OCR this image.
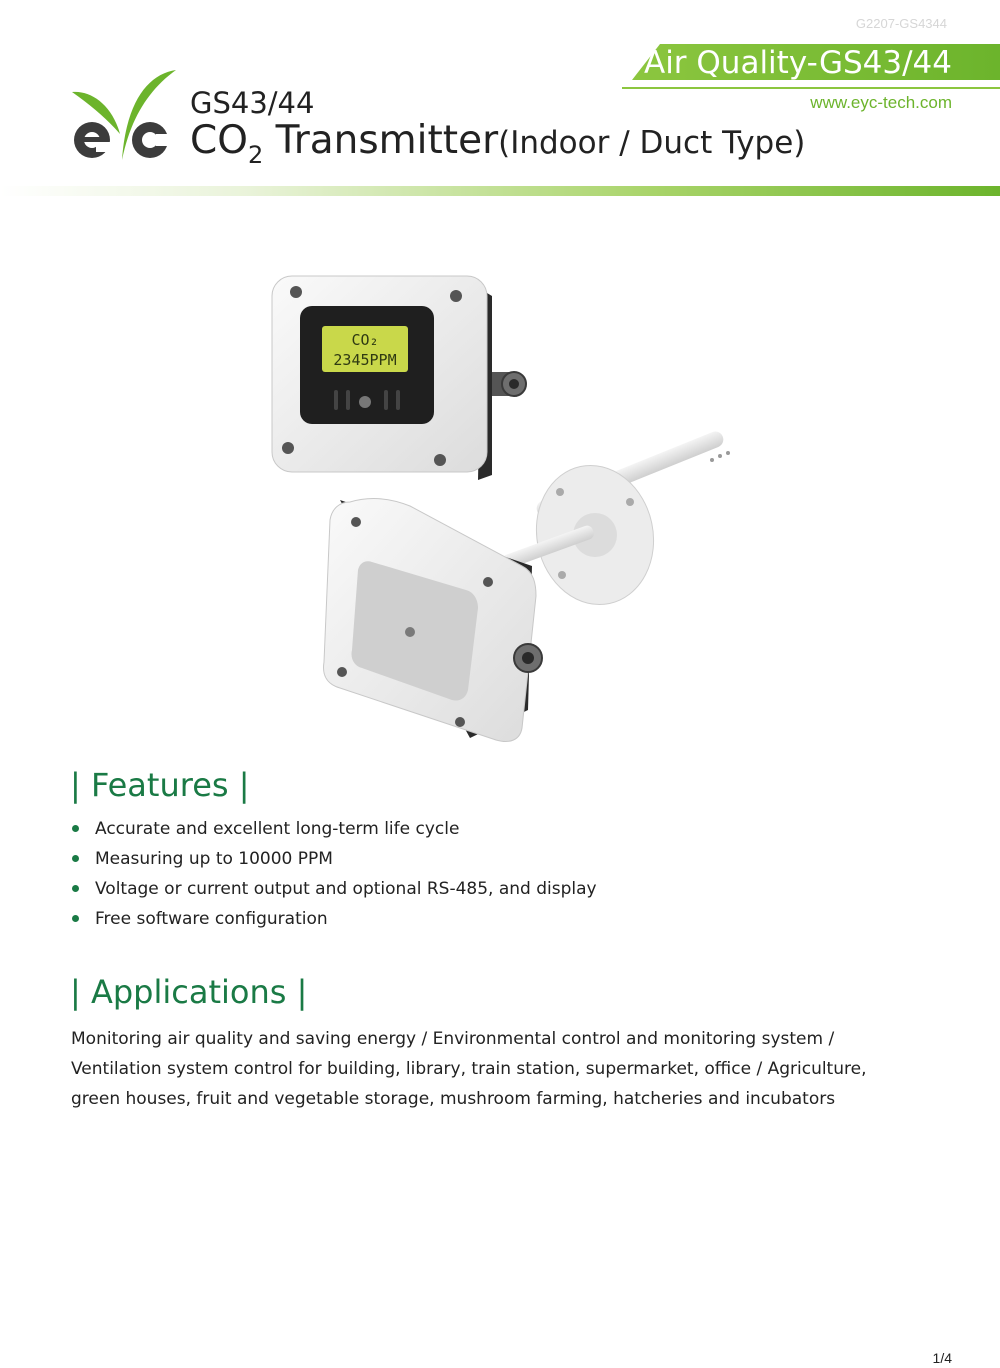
G2207-GS4344
Air Quality-GS43/44
www.eyc-tech.com
eyc
GS43/44
CO2 Transmitter(Indoor / Duct Type)
CO₂
2345PPM
| Features |
Accurate and excellent long-term life cycle
Measuring up to 10000 PPM
Voltage or current output and optional RS-485, and display
Free software configuration
| Applications |
Monitoring air quality and saving energy / Environmental control and monitoring system / Ventilation system control for building, library, train station, supermarket, office / Agriculture, green houses, fruit and vegetable storage, mushroom farming, hatcheries and incubators
1/4
